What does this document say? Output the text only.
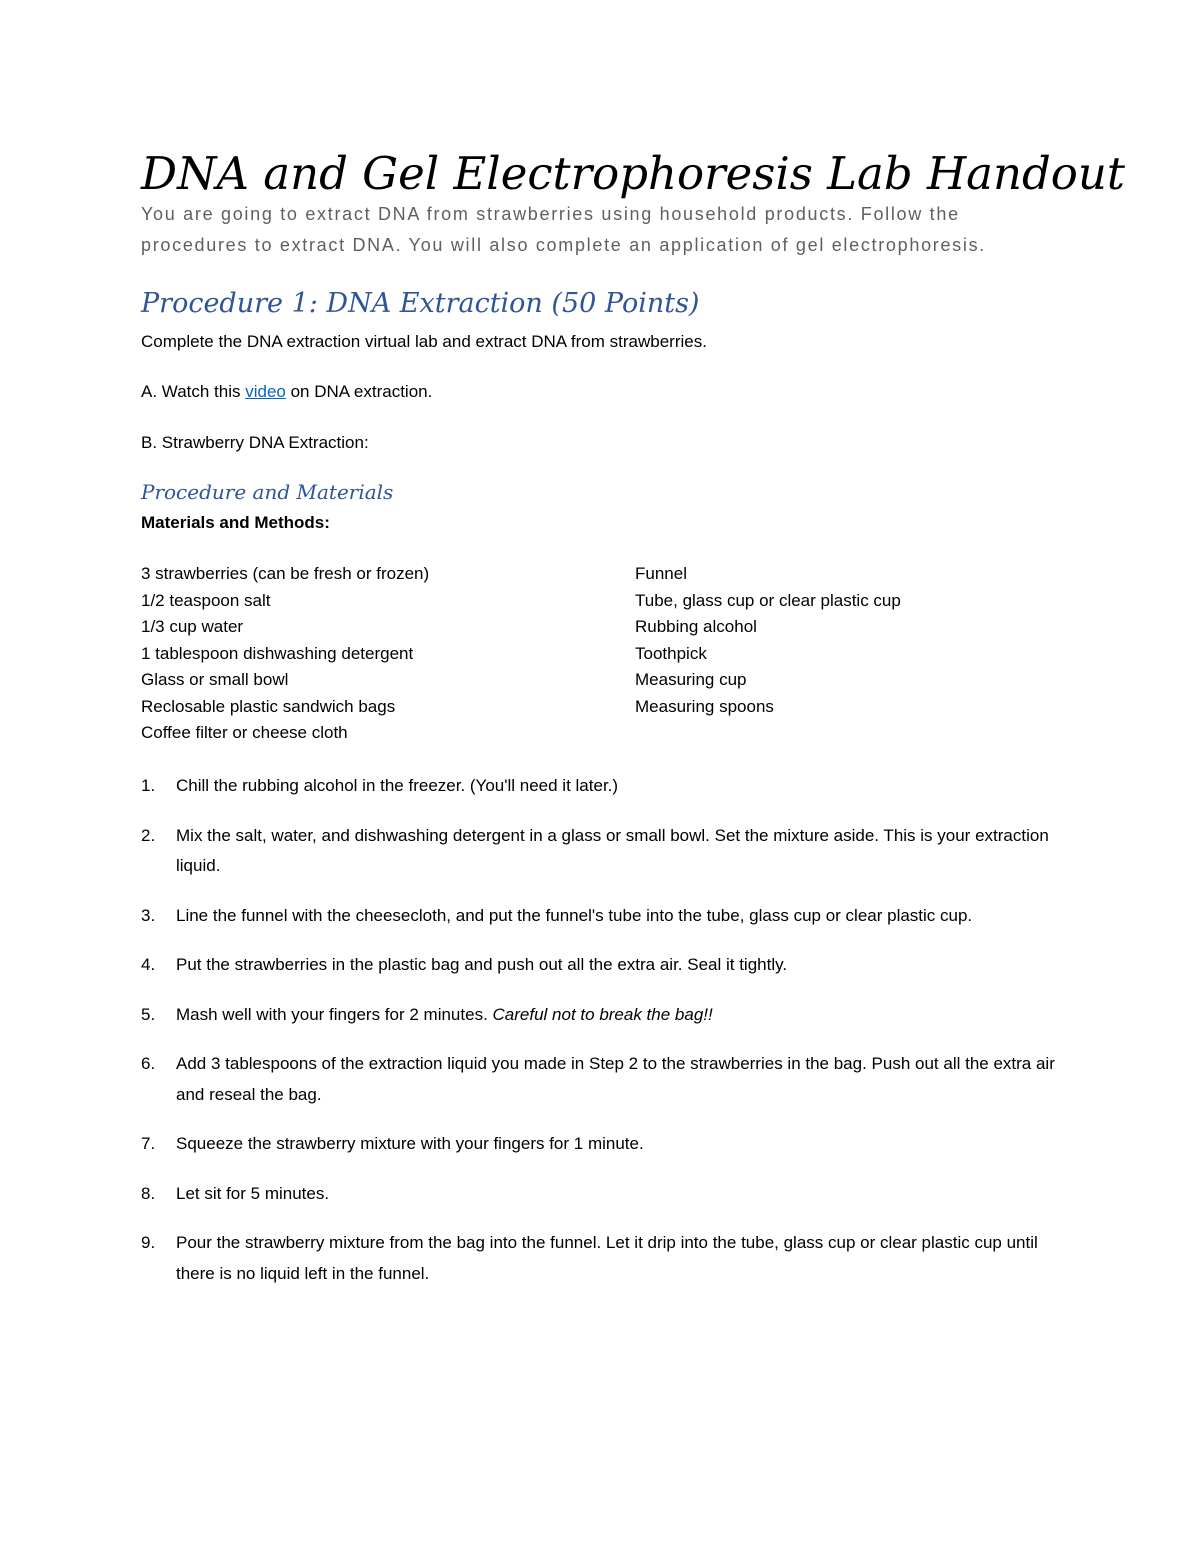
DNA and Gel Electrophoresis Lab Handout

You are going to extract DNA from strawberries using household products. Follow the procedures to extract DNA. You will also complete an application of gel electrophoresis.

Procedure 1: DNA Extraction (50 Points)

Complete the DNA extraction virtual lab and extract DNA from strawberries.

A. Watch this video on DNA extraction.

B. Strawberry DNA Extraction:

Procedure and Materials

Materials and Methods:

3 strawberries (can be fresh or frozen)
1/2 teaspoon salt
1/3 cup water
1 tablespoon dishwashing detergent
Glass or small bowl
Reclosable plastic sandwich bags
Coffee filter or cheese cloth
Funnel
Tube, glass cup or clear plastic cup
Rubbing alcohol
Toothpick
Measuring cup
Measuring spoons
1. Chill the rubbing alcohol in the freezer. (You'll need it later.)
2. Mix the salt, water, and dishwashing detergent in a glass or small bowl. Set the mixture aside. This is your extraction liquid.
3. Line the funnel with the cheesecloth, and put the funnel's tube into the tube, glass cup or clear plastic cup.
4. Put the strawberries in the plastic bag and push out all the extra air. Seal it tightly.
5. Mash well with your fingers for 2 minutes. Careful not to break the bag!!
6. Add 3 tablespoons of the extraction liquid you made in Step 2 to the strawberries in the bag. Push out all the extra air and reseal the bag.
7. Squeeze the strawberry mixture with your fingers for 1 minute.
8. Let sit for 5 minutes.
9. Pour the strawberry mixture from the bag into the funnel. Let it drip into the tube, glass cup or clear plastic cup until there is no liquid left in the funnel.
